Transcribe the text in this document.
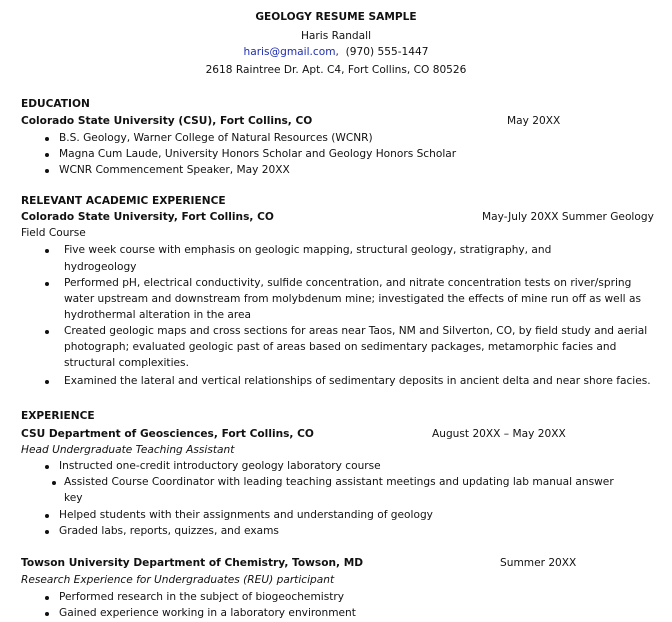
GEOLOGY RESUME SAMPLE
Haris Randall
haris@gmail.com, (970) 555-1447
2618 Raintree Dr. Apt. C4, Fort Collins, CO 80526
EDUCATION
Colorado State University (CSU), Fort Collins, CO	May 20XX
B.S. Geology, Warner College of Natural Resources (WCNR)
Magna Cum Laude, University Honors Scholar and Geology Honors Scholar
WCNR Commencement Speaker, May 20XX
RELEVANT ACADEMIC EXPERIENCE
Colorado State University, Fort Collins, CO	May-July 20XX Summer Geology
Field Course
Five week course with emphasis on geologic mapping, structural geology, stratigraphy, and
hydrogeology
Performed pH, electrical conductivity, sulfide concentration, and nitrate concentration tests on river/spring
water upstream and downstream from molybdenum mine; investigated the effects of mine run off as well as
hydrothermal alteration in the area
Created geologic maps and cross sections for areas near Taos, NM and Silverton, CO, by field study and aerial
photograph; evaluated geologic past of areas based on sedimentary packages, metamorphic facies and
structural complexities.
Examined the lateral and vertical relationships of sedimentary deposits in ancient delta and near shore facies.
EXPERIENCE
CSU Department of Geosciences, Fort Collins, CO	August 20XX – May 20XX
Head Undergraduate Teaching Assistant
Instructed one-credit introductory geology laboratory course
Assisted Course Coordinator with leading teaching assistant meetings and updating lab manual answer
key
Helped students with their assignments and understanding of geology
Graded labs, reports, quizzes, and exams
Towson University Department of Chemistry, Towson, MD	Summer 20XX
Research Experience for Undergraduates (REU) participant
Performed research in the subject of biogeochemistry
Gained experience working in a laboratory environment
